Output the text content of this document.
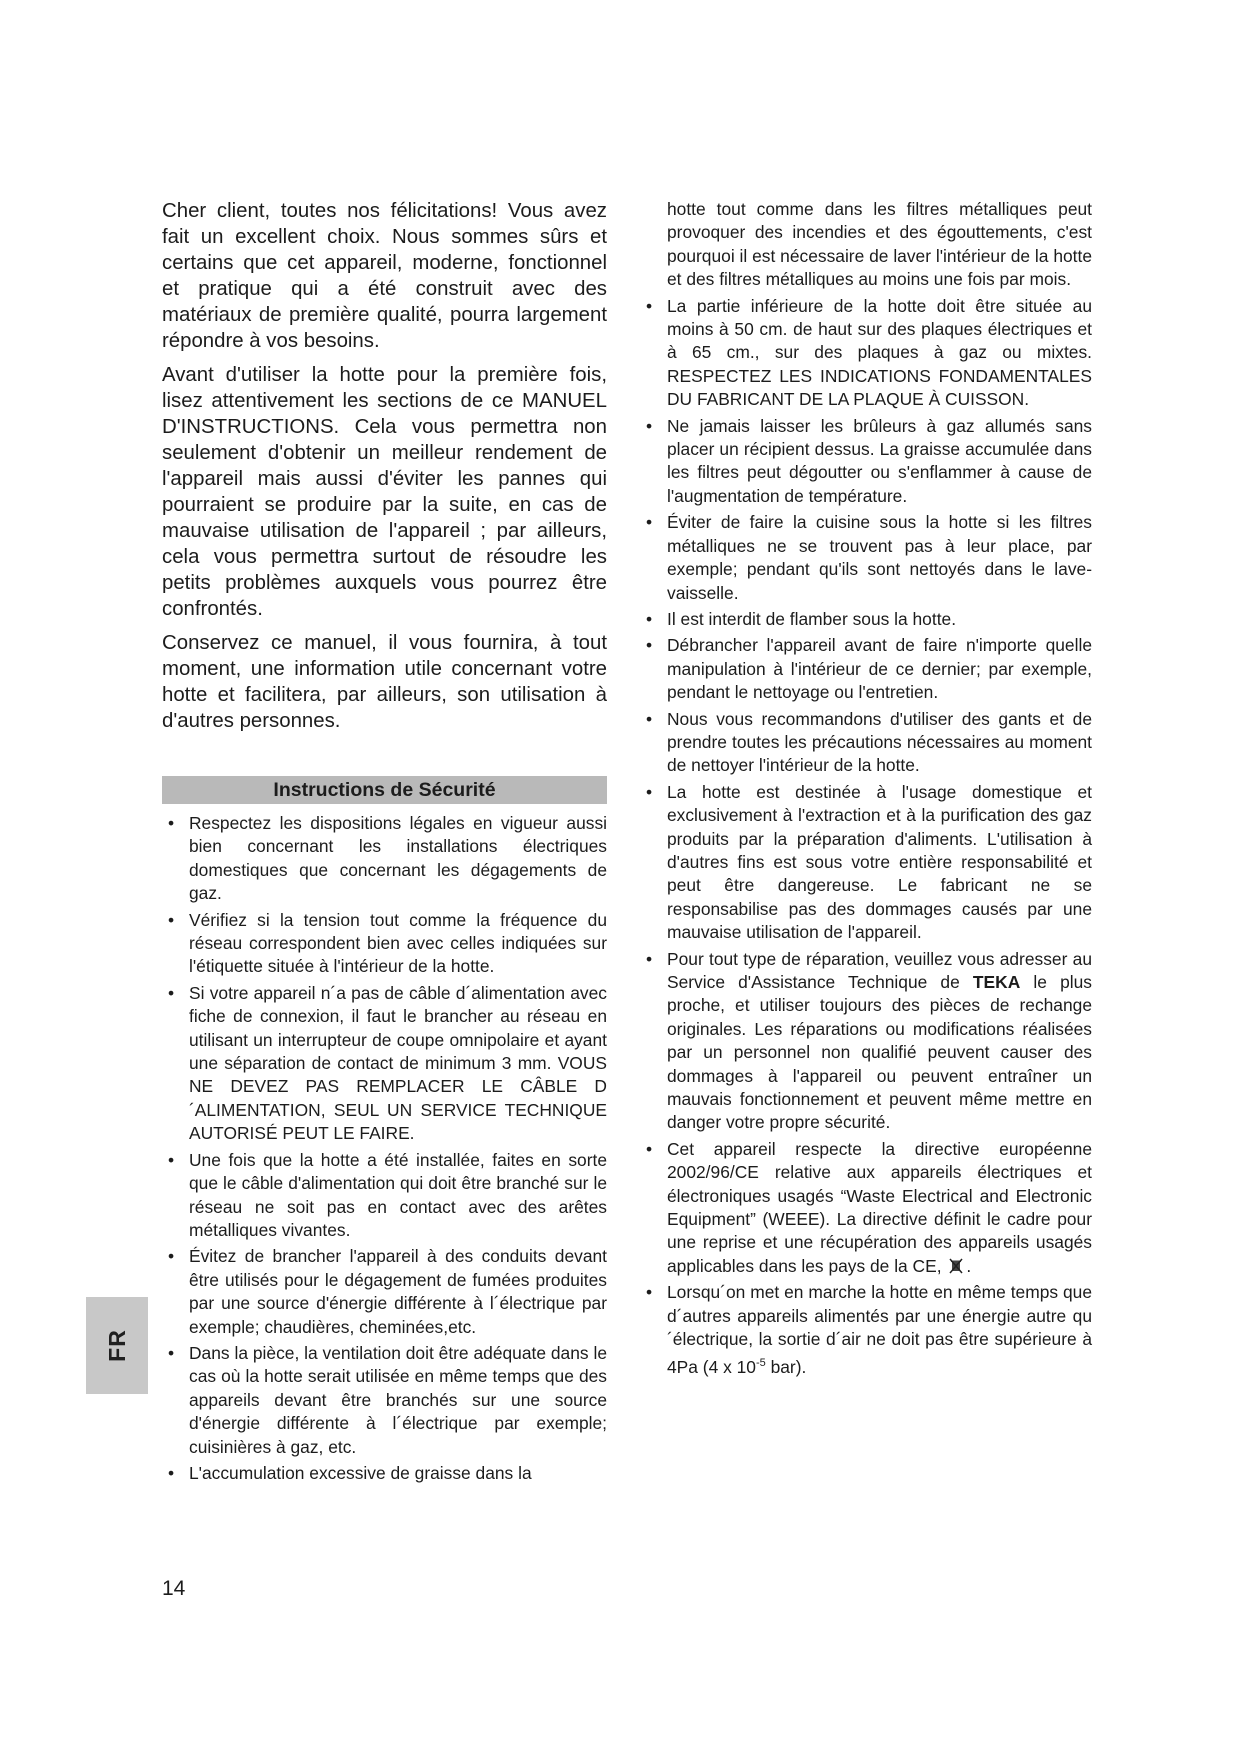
Cher client, toutes nos félicitations! Vous avez fait un excellent choix. Nous sommes sûrs et certains que cet appareil, moderne, fonctionnel et pratique qui a été construit avec des matériaux de première qualité, pourra largement répondre à vos besoins.

Avant d'utiliser la hotte pour la première fois, lisez attentivement les sections de ce MANUEL D'INSTRUCTIONS. Cela vous permettra non seulement d'obtenir un meilleur rendement de l'appareil mais aussi d'éviter les pannes qui pourraient se produire par la suite, en cas de mauvaise utilisation de l'appareil ; par ailleurs, cela vous permettra surtout de résoudre les petits problèmes auxquels vous pourrez être confrontés.

Conservez ce manuel, il vous fournira, à tout moment, une information utile concernant votre hotte et facilitera, par ailleurs, son utilisation à d'autres personnes.

Instructions de Sécurité
• Respectez les dispositions légales en vigueur aussi bien concernant les installations électriques domestiques que concernant les dégagements de gaz.
• Vérifiez si la tension tout comme la fréquence du réseau correspondent bien avec celles indiquées sur l'étiquette située à l'intérieur de la hotte.
• Si votre appareil n´a pas de câble d´alimentation avec fiche de connexion, il faut le brancher au réseau en utilisant un interrupteur de coupe omnipolaire et ayant une séparation de contact de minimum 3 mm. VOUS NE DEVEZ PAS REMPLACER LE CÂBLE D´ALIMENTATION, SEUL UN SERVICE TECHNIQUE AUTORISÉ PEUT LE FAIRE.
• Une fois que la hotte a été installée, faites en sorte que le câble d'alimentation qui doit être branché sur le réseau ne soit pas en contact avec des arêtes métalliques vivantes.
• Évitez de brancher l'appareil à des conduits devant être utilisés pour le dégagement de fumées produites par une source d'énergie différente à l´électrique par exemple; chaudières, cheminées,etc.
• Dans la pièce, la ventilation doit être adéquate dans le cas où la hotte serait utilisée en même temps que des appareils devant être branchés sur une source d'énergie différente à l´électrique par exemple; cuisinières à gaz, etc.
• L'accumulation excessive de graisse dans la
hotte tout comme dans les filtres métalliques peut provoquer des incendies et des égouttements, c'est pourquoi il est nécessaire de laver l'intérieur de la hotte et des filtres métalliques au moins une fois par mois.
• La partie inférieure de la hotte doit être située au moins à 50 cm. de haut sur des plaques électriques et à 65 cm., sur des plaques à gaz ou mixtes. RESPECTEZ LES INDICATIONS FONDAMENTALES DU FABRICANT DE LA PLAQUE À CUISSON.
• Ne jamais laisser les brûleurs à gaz allumés sans placer un récipient dessus. La graisse accumulée dans les filtres peut dégoutter ou s'enflammer à cause de l'augmentation de température.
• Éviter de faire la cuisine sous la hotte si les filtres métalliques ne se trouvent pas à leur place, par exemple; pendant qu'ils sont nettoyés dans le lave-vaisselle.
• Il est interdit de flamber sous la hotte.
• Débrancher l'appareil avant de faire n'importe quelle manipulation à l'intérieur de ce dernier; par exemple, pendant le nettoyage ou l'entretien.
• Nous vous recommandons d'utiliser des gants et de prendre toutes les précautions nécessaires au moment de nettoyer l'intérieur de la hotte.
• La hotte est destinée à l'usage domestique et exclusivement à l'extraction et à la purification des gaz produits par la préparation d'aliments. L'utilisation à d'autres fins est sous votre entière responsabilité et peut être dangereuse. Le fabricant ne se responsabilise pas des dommages causés par une mauvaise utilisation de l'appareil.
• Pour tout type de réparation, veuillez vous adresser au Service d'Assistance Technique de TEKA le plus proche, et utiliser toujours des pièces de rechange originales. Les réparations ou modifications réalisées par un personnel non qualifié peuvent causer des dommages à l'appareil ou peuvent entraîner un mauvais fonctionnement et peuvent même mettre en danger votre propre sécurité.
• Cet appareil respecte la directive européenne 2002/96/CE relative aux appareils électriques et électroniques usagés “Waste Electrical and Electronic Equipment” (WEEE). La directive définit le cadre pour une reprise et une récupération des appareils usagés applicables dans les pays de la CE, .
• Lorsqu´on met en marche la hotte en même temps que d´autres appareils alimentés par une énergie autre qu´électrique, la sortie d´air ne doit pas être supérieure à 4Pa (4 x $10^{-5}$ bar).
FR
14
